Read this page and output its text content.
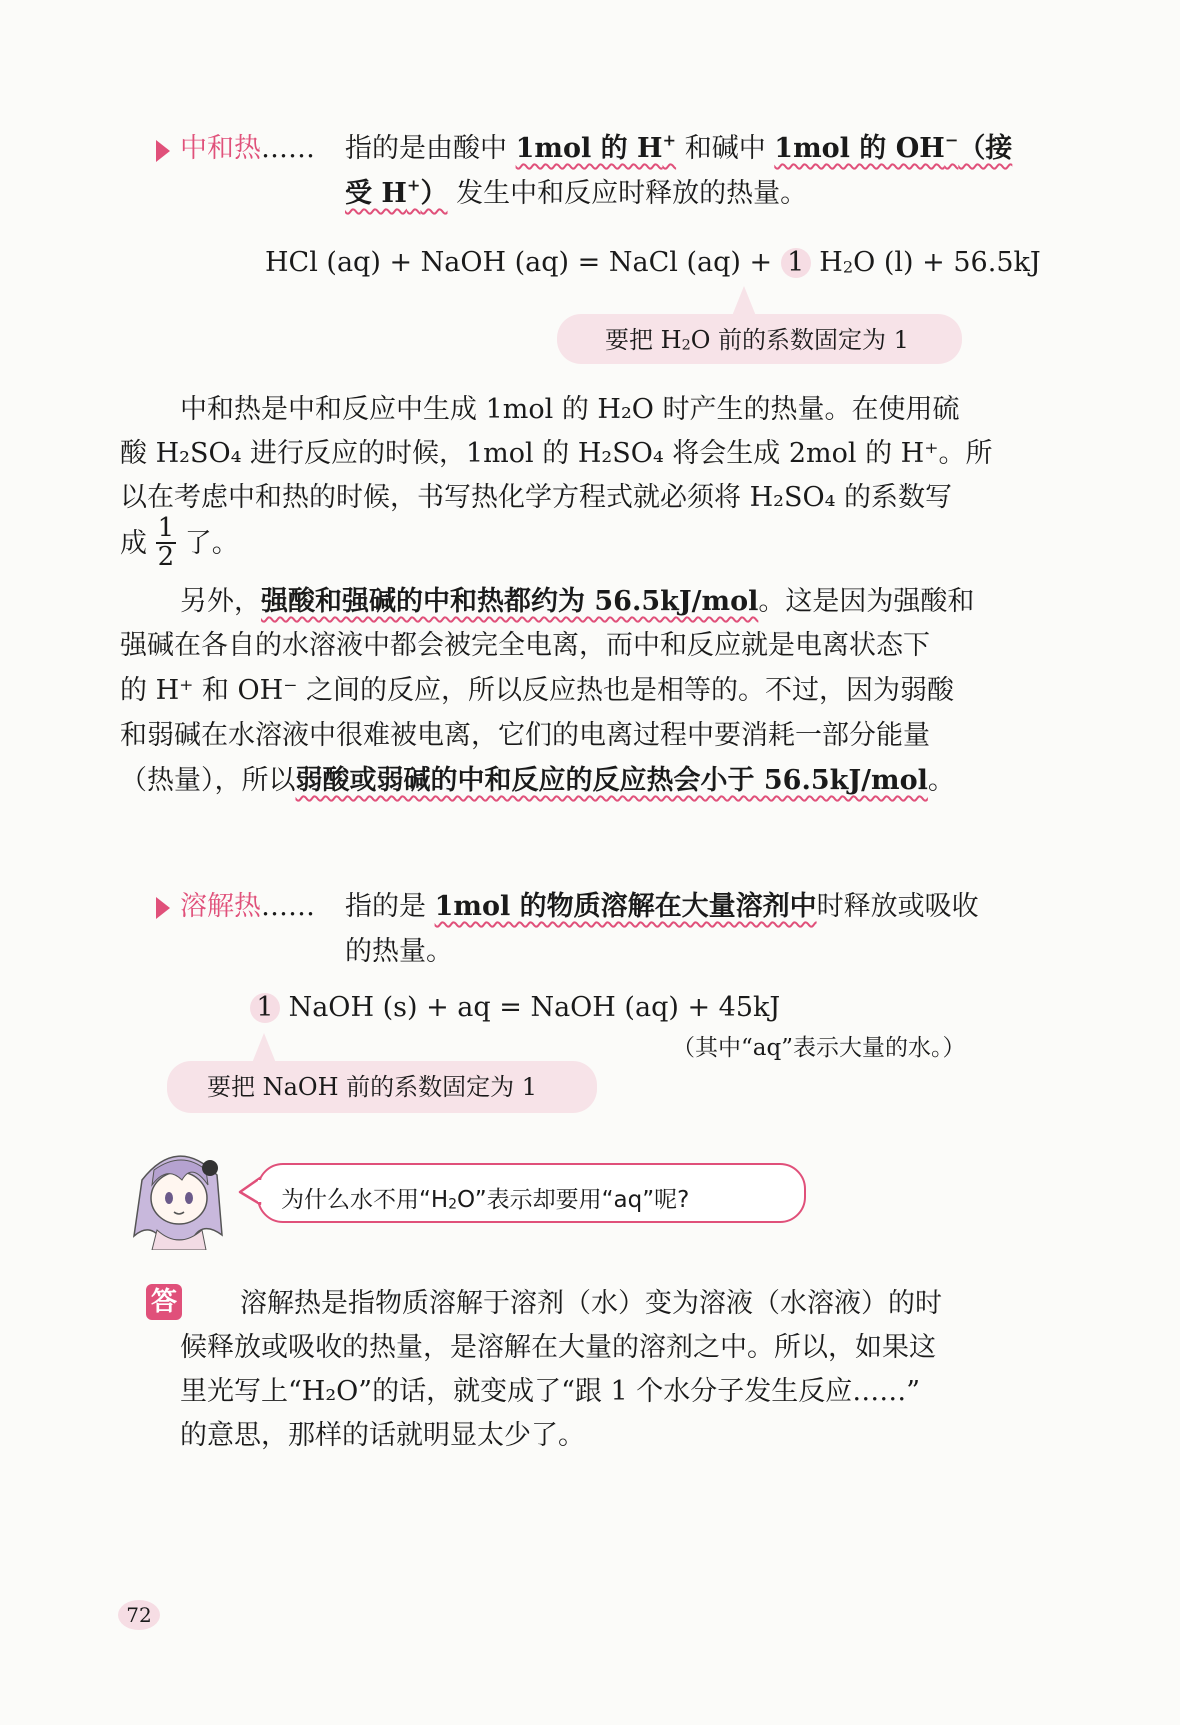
中和热…… 指的是由酸中 1mol 的 H+ 和碱中 1mol 的 OH−（接
受 H+） 发生中和反应时释放的热量。
HCl (aq) + NaOH (aq) = NaCl (aq) + 1 $H_2O$ (l) + 56.5kJ
要把 $H_2O$ 前的系数固定为 1
中和热是中和反应中生成 1mol 的 H₂O 时产生的热量。在使用硫
酸 H₂SO₄ 进行反应的时候，1mol 的 H₂SO₄ 将会生成 2mol 的 H⁺。所
以在考虑中和热的时候，书写热化学方程式就必须将 H₂SO₄ 的系数写
成 $\frac{1}{2}$ 了。
另外，强酸和强碱的中和热都约为 56.5kJ/mol。这是因为强酸和
强碱在各自的水溶液中都会被完全电离，而中和反应就是电离状态下
的 H⁺ 和 OH⁻ 之间的反应，所以反应热也是相等的。不过，因为弱酸
和弱碱在水溶液中很难被电离，它们的电离过程中要消耗一部分能量
（热量），所以弱酸或弱碱的中和反应的反应热会小于 56.5kJ/mol。
溶解热…… 指的是 1mol 的物质溶解在大量溶剂中时释放或吸收
的热量。
1 NaOH (s) + aq = NaOH (aq) + 45kJ
（其中“aq”表示大量的水。）
要把 NaOH 前的系数固定为 1
为什么水不用“$H_2O$”表示却要用“aq”呢?
答 溶解热是指物质溶解于溶剂（水）变为溶液（水溶液）的时
候释放或吸收的热量，是溶解在大量的溶剂之中。所以，如果这
里光写上“H₂O”的话，就变成了“跟 1 个水分子发生反应……”
的意思，那样的话就明显太少了。
72
